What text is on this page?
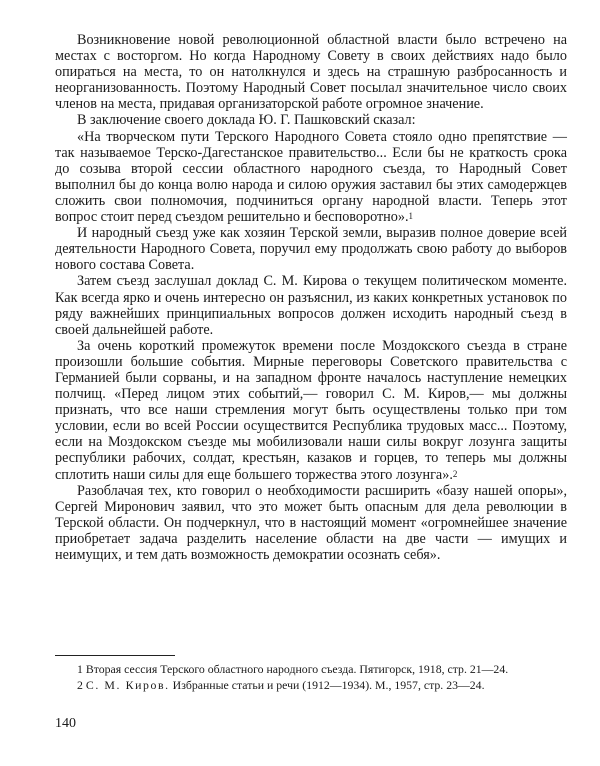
Возникновение новой революционной областной власти было встречено на местах с восторгом. Но когда Народному Совету в своих действиях надо было опираться на места, то он натолкнулся и здесь на страшную разбросанность и неорганизованность. Поэтому Народный Совет посылал значительное число своих членов на места, придавая организаторской работе огромное значение.

В заключение своего доклада Ю. Г. Пашковский сказал:

«На творческом пути Терского Народного Совета стояло одно препятствие — так называемое Терско-Дагестанское правительство... Если бы не краткость срока до созыва второй сессии областного народного съезда, то Народный Совет выполнил бы до конца волю народа и силою оружия заставил бы этих самодержцев сложить свои полномочия, подчиниться органу народной власти. Теперь этот вопрос стоит перед съездом решительно и бесповоротно».$^1$

И народный съезд уже как хозяин Терской земли, выразив полное доверие всей деятельности Народного Совета, поручил ему продолжать свою работу до выборов нового состава Совета.

Затем съезд заслушал доклад С. М. Кирова о текущем политическом моменте. Как всегда ярко и очень интересно он разъяснил, из каких конкретных установок по ряду важнейших принципиальных вопросов должен исходить народный съезд в своей дальнейшей работе.

За очень короткий промежуток времени после Моздокского съезда в стране произошли большие события. Мирные переговоры Советского правительства с Германией были сорваны, и на западном фронте началось наступление немецких полчищ. «Перед лицом этих событий,— говорил С. М. Киров,— мы должны признать, что все наши стремления могут быть осуществлены только при том условии, если во всей России осуществится Республика трудовых масс... Поэтому, если на Моздокском съезде мы мобилизовали наши силы вокруг лозунга защиты республики рабочих, солдат, крестьян, казаков и горцев, то теперь мы должны сплотить наши силы для еще большего торжества этого лозунга».$^2$

Разоблачая тех, кто говорил о необходимости расширить «базу нашей опоры», Сергей Миронович заявил, что это может быть опасным для дела революции в Терской области. Он подчеркнул, что в настоящий момент «огромнейшее значение приобретает задача разделить население области на две части — имущих и неимущих, и тем дать возможность демократии осознать себя».

1 Вторая сессия Терского областного народного съезда. Пятигорск, 1918, стр. 21—24.

2 С. М. Киров. Избранные статьи и речи (1912—1934). М., 1957, стр. 23—24.

140
